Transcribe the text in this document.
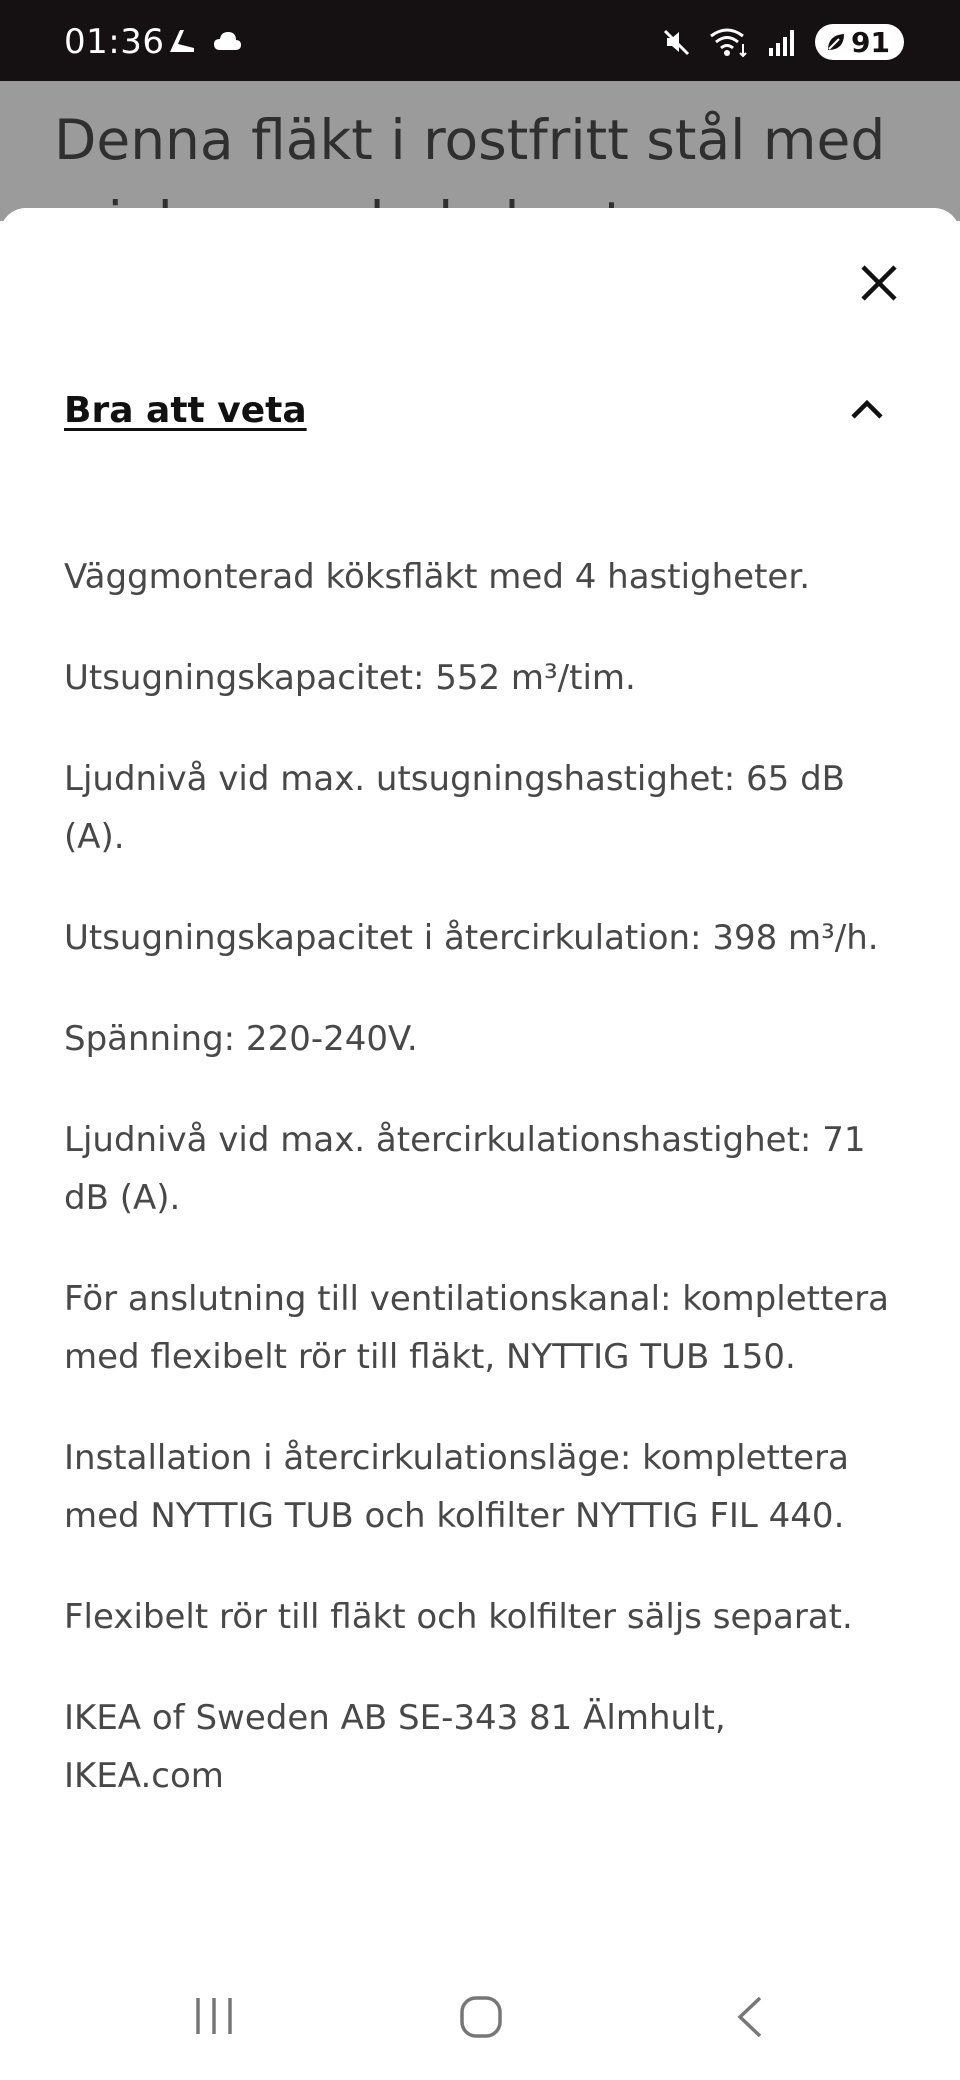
01:36	91
Denna fläkt i rostfritt stål med
Bra att veta

Väggmonterad köksfläkt med 4 hastigheter.

Utsugningskapacitet: 552 m³/tim.

Ljudnivå vid max. utsugningshastighet: 65 dB (A).

Utsugningskapacitet i återcirkulation: 398 m³/h.

Spänning: 220-240V.

Ljudnivå vid max. återcirkulationshastighet: 71 dB (A).

För anslutning till ventilationskanal: komplettera med flexibelt rör till fläkt, NYTTIG TUB 150.

Installation i återcirkulationsläge: komplettera med NYTTIG TUB och kolfilter NYTTIG FIL 440.

Flexibelt rör till fläkt och kolfilter säljs separat.

IKEA of Sweden AB SE-343 81 Älmhult, IKEA.com
